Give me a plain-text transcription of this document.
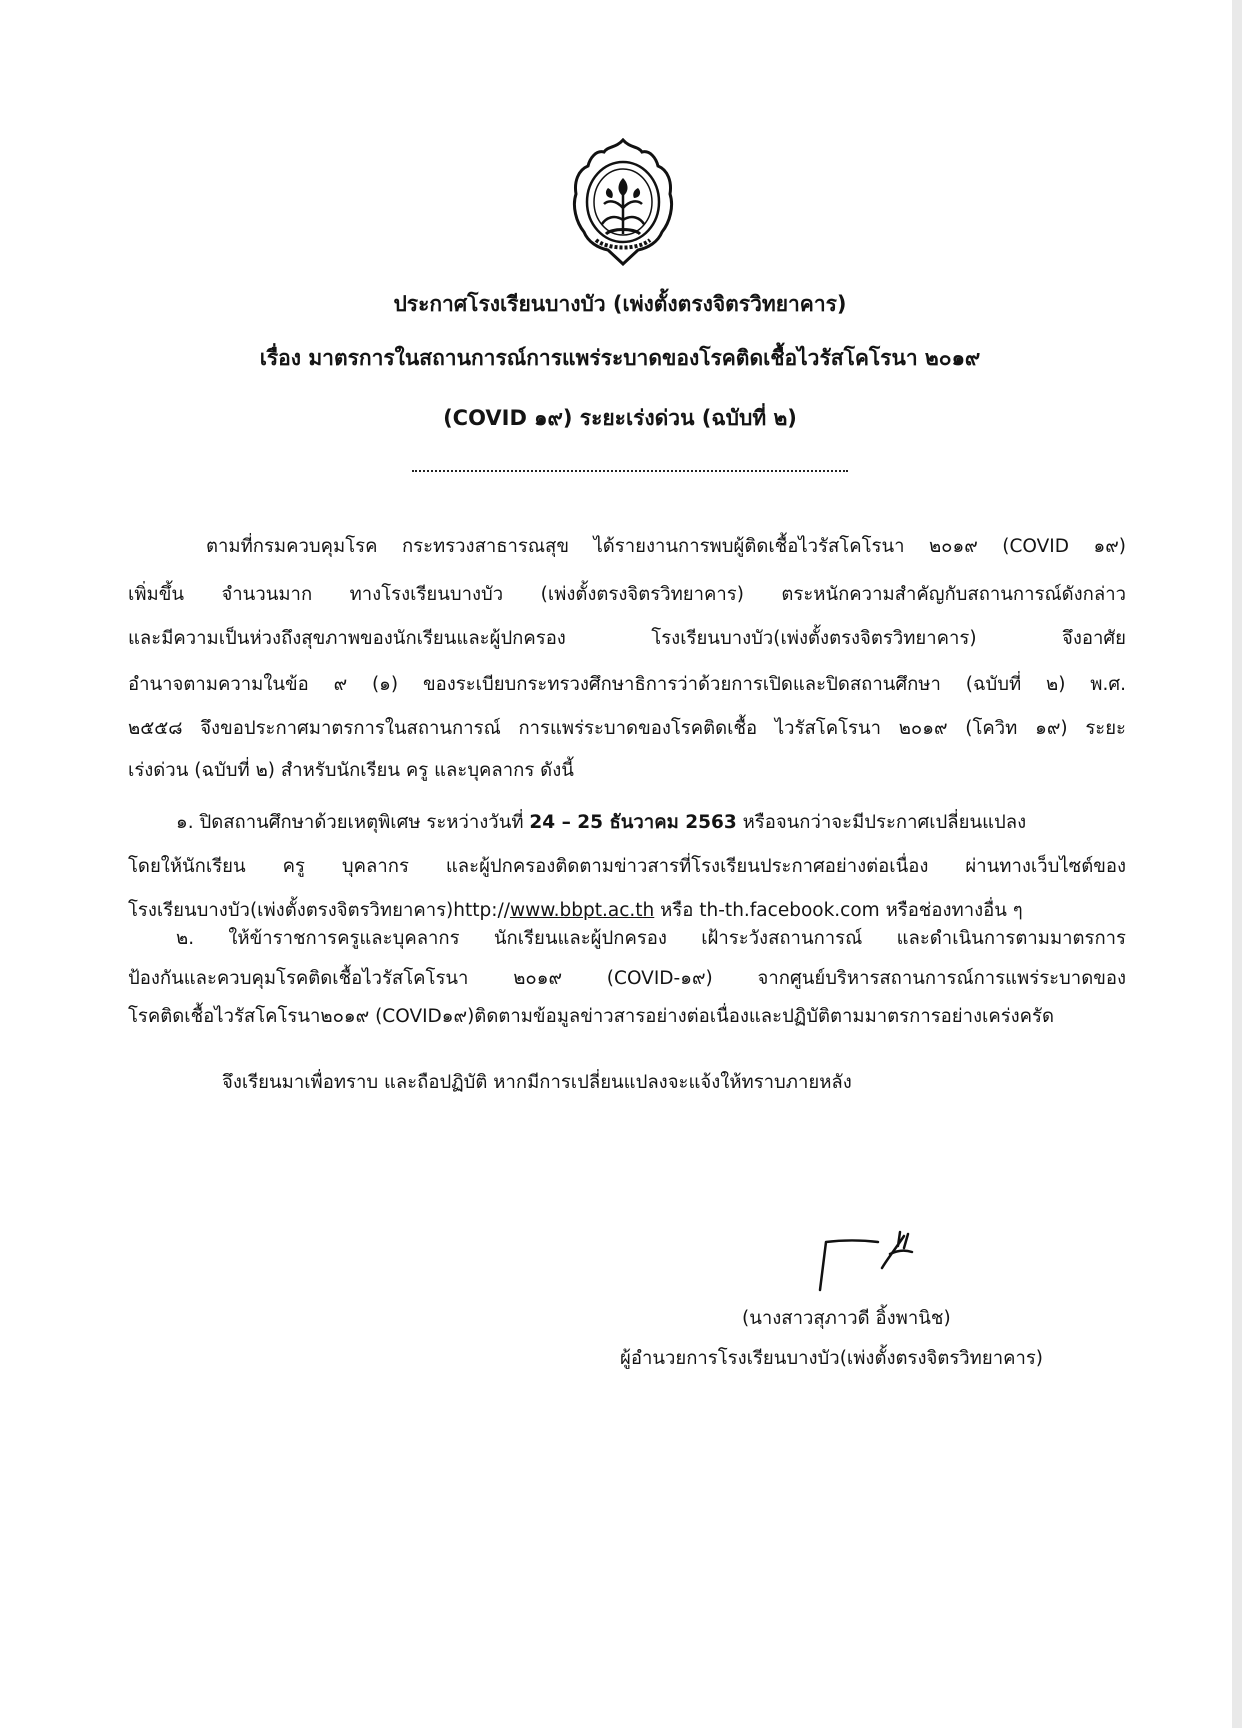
ประกาศโรงเรียนบางบัว (เพ่งตั้งตรงจิตรวิทยาคาร)
เรื่อง มาตรการในสถานการณ์การแพร่ระบาดของโรคติดเชื้อไวรัสโคโรนา ๒๐๑๙
(COVID ๑๙) ระยะเร่งด่วน (ฉบับที่ ๒)
ตามที่กรมควบคุมโรค กระทรวงสาธารณสุข ได้รายงานการพบผู้ติดเชื้อไวรัสโคโรนา ๒๐๑๙ (COVID ๑๙)
เพิ่มขึ้น จำนวนมาก ทางโรงเรียนบางบัว (เพ่งตั้งตรงจิตรวิทยาคาร) ตระหนักความสำคัญกับสถานการณ์ดังกล่าว
และมีความเป็นห่วงถึงสุขภาพของนักเรียนและผู้ปกครอง โรงเรียนบางบัว(เพ่งตั้งตรงจิตรวิทยาคาร) จึงอาศัย
อำนาจตามความในข้อ ๙ (๑) ของระเบียบกระทรวงศึกษาธิการว่าด้วยการเปิดและปิดสถานศึกษา (ฉบับที่ ๒) พ.ศ.
๒๕๕๘ จึงขอประกาศมาตรการในสถานการณ์ การแพร่ระบาดของโรคติดเชื้อ ไวรัสโคโรนา ๒๐๑๙ (โควิท ๑๙) ระยะ
เร่งด่วน (ฉบับที่ ๒) สำหรับนักเรียน ครู และบุคลากร ดังนี้
๑. ปิดสถานศึกษาด้วยเหตุพิเศษ ระหว่างวันที่ 24 – 25 ธันวาคม 2563 หรือจนกว่าจะมีประกาศเปลี่ยนแปลง
โดยให้นักเรียน ครู บุคลากร และผู้ปกครองติดตามข่าวสารที่โรงเรียนประกาศอย่างต่อเนื่อง ผ่านทางเว็บไซต์ของ
โรงเรียนบางบัว(เพ่งตั้งตรงจิตรวิทยาคาร)http://www.bbpt.ac.th หรือ th-th.facebook.com หรือช่องทางอื่น ๆ
๒. ให้ข้าราชการครูและบุคลากร นักเรียนและผู้ปกครอง เฝ้าระวังสถานการณ์ และดำเนินการตามมาตรการ
ป้องกันและควบคุมโรคติดเชื้อไวรัสโคโรนา ๒๐๑๙ (COVID-๑๙) จากศูนย์บริหารสถานการณ์การแพร่ระบาดของ
โรคติดเชื้อไวรัสโคโรนา๒๐๑๙ (COVID๑๙)ติดตามข้อมูลข่าวสารอย่างต่อเนื่องและปฏิบัติตามมาตรการอย่างเคร่งครัด
จึงเรียนมาเพื่อทราบ และถือปฏิบัติ หากมีการเปลี่ยนแปลงจะแจ้งให้ทราบภายหลัง
(นางสาวสุภาวดี อิ้งพานิช)
ผู้อำนวยการโรงเรียนบางบัว(เพ่งตั้งตรงจิตรวิทยาคาร)
